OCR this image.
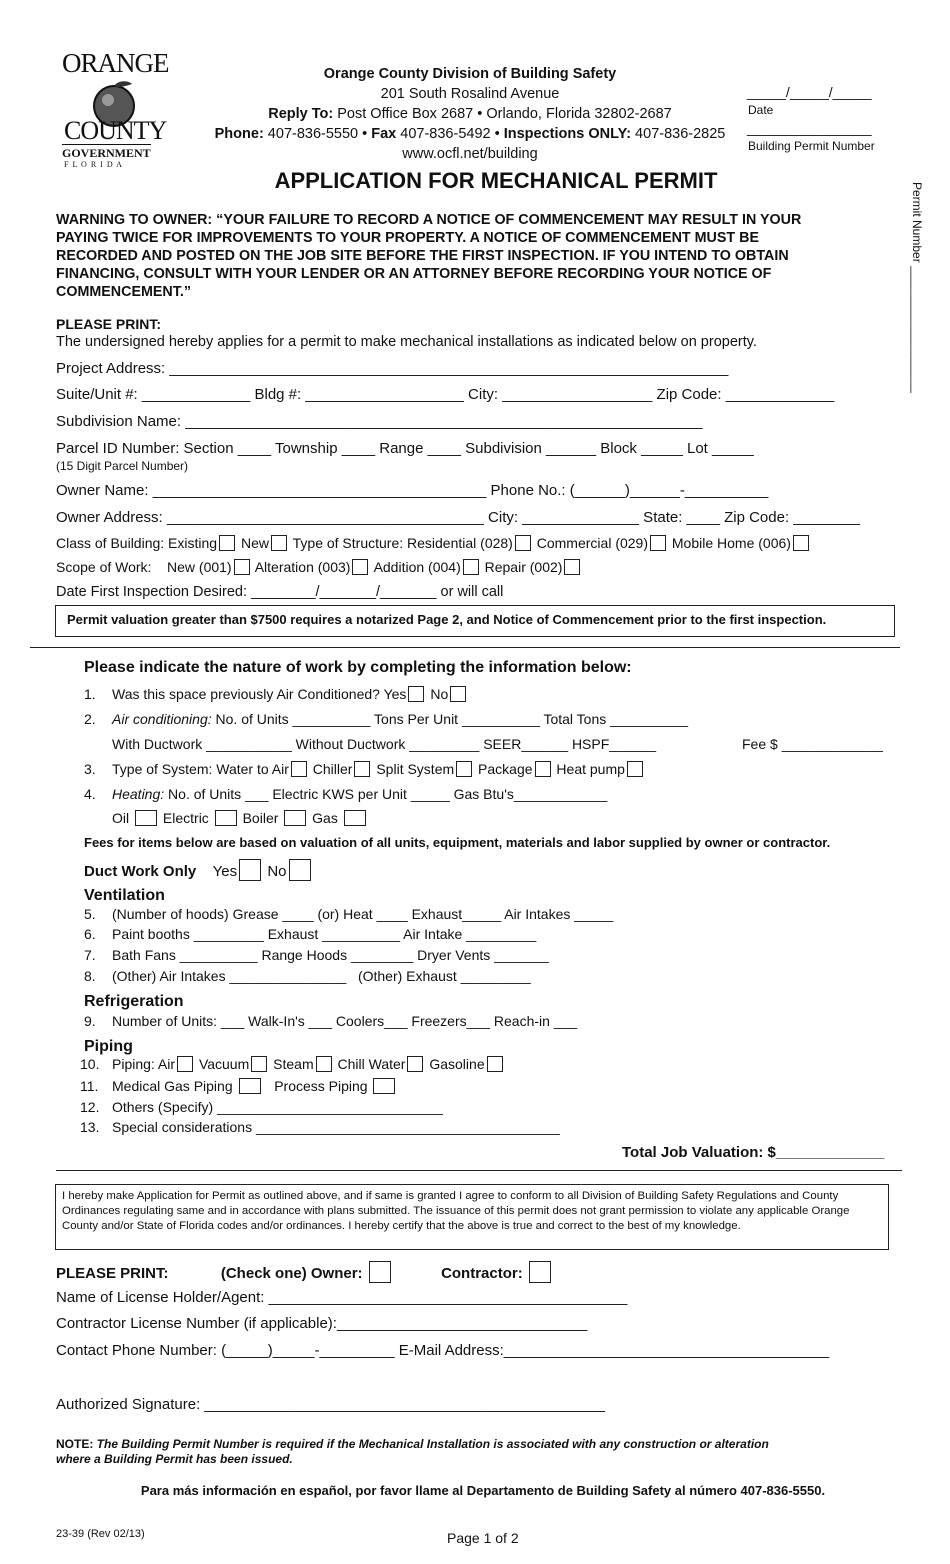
ORANGE
COUNTY
GOVERNMENT
F L O R I D A
Orange County Division of Building Safety
201 South Rosalind Avenue
Reply To: Post Office Box 2687 • Orlando, Florida 32802-2687
Phone: 407-836-5550 • Fax 407-836-5492 • Inspections ONLY: 407-836-2825
www.ocfl.net/building
_____/_____/_____
Date
________________
Building Permit Number
Permit Number ___________________
APPLICATION FOR MECHANICAL PERMIT
WARNING TO OWNER: “YOUR FAILURE TO RECORD A NOTICE OF COMMENCEMENT MAY RESULT IN YOUR
PAYING TWICE FOR IMPROVEMENTS TO YOUR PROPERTY. A NOTICE OF COMMENCEMENT MUST BE
RECORDED AND POSTED ON THE JOB SITE BEFORE THE FIRST INSPECTION. IF YOU INTEND TO OBTAIN
FINANCING, CONSULT WITH YOUR LENDER OR AN ATTORNEY BEFORE RECORDING YOUR NOTICE OF
COMMENCEMENT.”
PLEASE PRINT:
The undersigned hereby applies for a permit to make mechanical installations as indicated below on property.
Project Address: ___________________________________________________________________
Suite/Unit #: _____________ Bldg #: ___________________ City: __________________ Zip Code: _____________
Subdivision Name: ______________________________________________________________
Parcel ID Number: Section ____ Township ____ Range ____ Subdivision ______ Block _____ Lot _____
(15 Digit Parcel Number)
Owner Name: ________________________________________ Phone No.: (______)______-__________
Owner Address: ______________________________________ City: ______________ State: ____ Zip Code: ________
Class of Building: Existing New Type of Structure: Residential (028) Commercial (029) Mobile Home (006)
Scope of Work:    New (001) Alteration (003) Addition (004) Repair (002)
Date First Inspection Desired: ________/_______/_______ or will call
Permit valuation greater than $7500 requires a notarized Page 2, and Notice of Commencement prior to the first inspection.
Please indicate the nature of work by completing the information below:
1. Was this space previously Air Conditioned? Yes No
2. Air conditioning: No. of Units __________ Tons Per Unit __________ Total Tons __________
With Ductwork ___________ Without Ductwork _________ SEER______ HSPF______	Fee $ _____________
3. Type of System: Water to Air Chiller Split System Package Heat pump
4. Heating: No. of Units ___ Electric KWS per Unit _____ Gas Btu's____________
Oil Electric Boiler Gas
Fees for items below are based on valuation of all units, equipment, materials and labor supplied by owner or contractor.
Duct Work Only Yes No
Ventilation
5. (Number of hoods) Grease ____ (or) Heat ____ Exhaust_____ Air Intakes _____
6. Paint booths _________ Exhaust __________ Air Intake _________
7. Bath Fans __________ Range Hoods ________ Dryer Vents _______
8. (Other) Air Intakes _______________   (Other) Exhaust _________
Refrigeration
9. Number of Units: ___ Walk-In's ___ Coolers___ Freezers___ Reach-in ___
Piping
10. Piping: Air Vacuum Steam Chill Water Gasoline
11. Medical Gas Piping	Process Piping
12. Others (Specify) _____________________________
13. Special considerations _______________________________________
Total Job Valuation: $_____________
I hereby make Application for Permit as outlined above, and if same is granted I agree to conform to all Division of Building Safety Regulations and County Ordinances regulating same and in accordance with plans submitted. The issuance of this permit does not grant permission to violate any applicable Orange County and/or State of Florida codes and/or ordinances. I hereby certify that the above is true and correct to the best of my knowledge.
PLEASE PRINT:	(Check one) Owner:	Contractor:
Name of License Holder/Agent: ___________________________________________
Contractor License Number (if applicable):______________________________
Contact Phone Number: (_____)_____-_________ E-Mail Address:_______________________________________
Authorized Signature: ________________________________________________
NOTE: The Building Permit Number is required if the Mechanical Installation is associated with any construction or alteration
where a Building Permit has been issued.
Para más información en español, por favor llame al Departamento de Building Safety al número 407-836-5550.
23-39 (Rev 02/13)	Page 1 of 2
